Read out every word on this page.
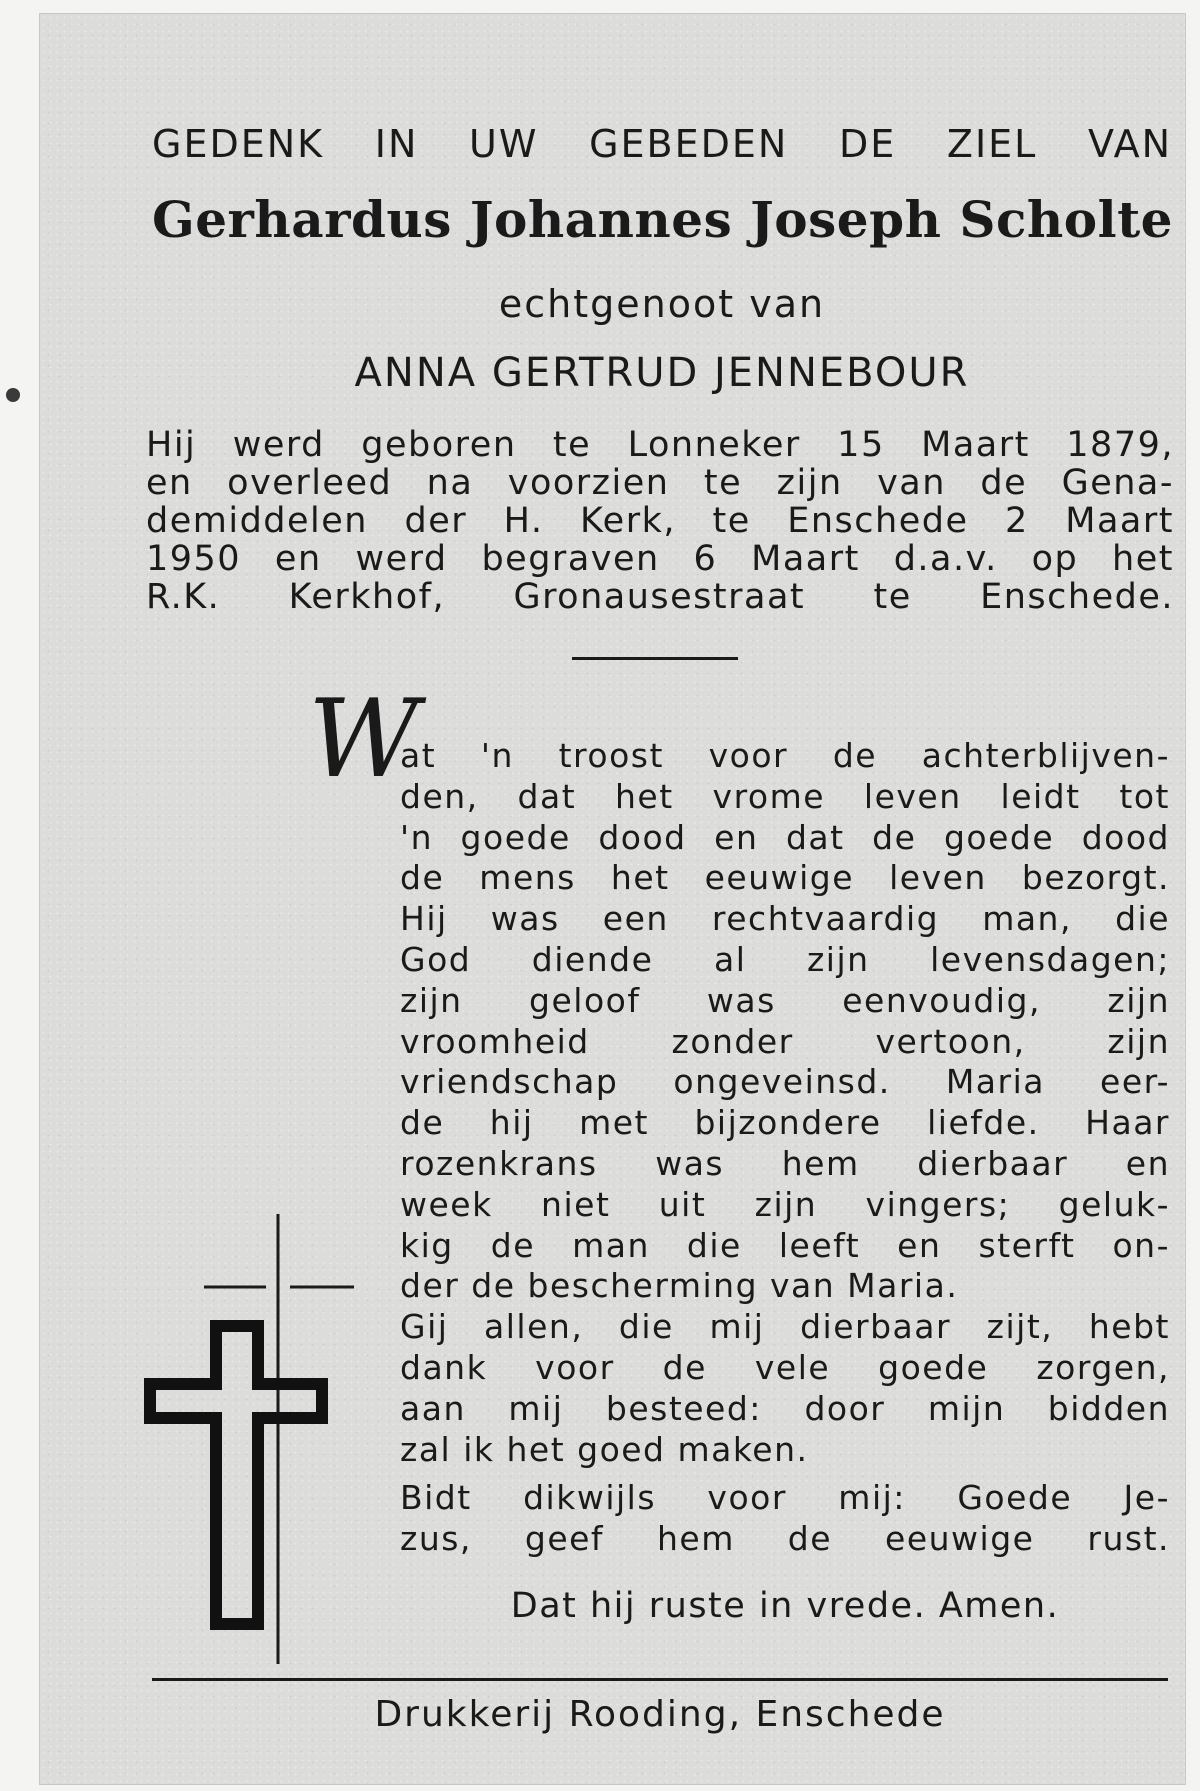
GEDENK IN UW GEBEDEN DE ZIEL VAN
Gerhardus Johannes Joseph Scholte
echtgenoot van
ANNA GERTRUD JENNEBOUR
Hij werd geboren te Lonneker 15 Maart 1879,
en overleed na voorzien te zijn van de Gena-
demiddelen der H. Kerk, te Enschede 2 Maart
1950 en werd begraven 6 Maart d.a.v. op het
R.K. Kerkhof, Gronausestraat te Enschede.
W
at 'n troost voor de achterblijven-
den, dat het vrome leven leidt tot
'n goede dood en dat de goede dood
de mens het eeuwige leven bezorgt.
Hij was een rechtvaardig man, die
God diende al zijn levensdagen;
zijn geloof was eenvoudig, zijn
vroomheid zonder vertoon, zijn
vriendschap ongeveinsd. Maria eer-
de hij met bijzondere liefde. Haar
rozenkrans was hem dierbaar en
week niet uit zijn vingers; geluk-
kig de man die leeft en sterft on-
der de bescherming van Maria.
Gij allen, die mij dierbaar zijt, hebt
dank voor de vele goede zorgen,
aan mij besteed: door mijn bidden
zal ik het goed maken.
Bidt dikwijls voor mij: Goede Je-
zus, geef hem de eeuwige rust.
Dat hij ruste in vrede. Amen.
Drukkerij Rooding, Enschede
